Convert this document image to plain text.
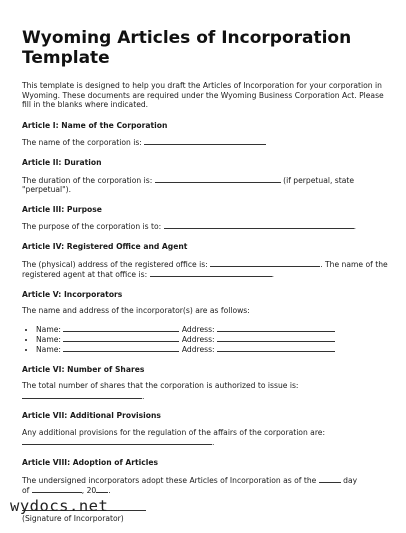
Wyoming Articles of Incorporation Template

This template is designed to help you draft the Articles of Incorporation for your corporation in Wyoming. These documents are required under the Wyoming Business Corporation Act. Please fill in the blanks where indicated.

Article I: Name of the Corporation

The name of the corporation is:

Article II: Duration

The duration of the corporation is:	(if perpetual, state "perpetual").

Article III: Purpose

The purpose of the corporation is to:	.

Article IV: Registered Office and Agent

The (physical) address of the registered office is:	. The name of the registered agent at that office is:	.

Article V: Incorporators

The name and address of the incorporator(s) are as follows:

• Name:	Address:
• Name:	Address:
• Name:	Address:
Article VI: Number of Shares

The total number of shares that the corporation is authorized to issue is:
.

Article VII: Additional Provisions

Any additional provisions for the regulation of the affairs of the corporation are:
.

Article VIII: Adoption of Articles

The undersigned incorporators adopt these Articles of Incorporation as of the	day
of	, 20 .

(Signature of Incorporator)

wydocs.net
